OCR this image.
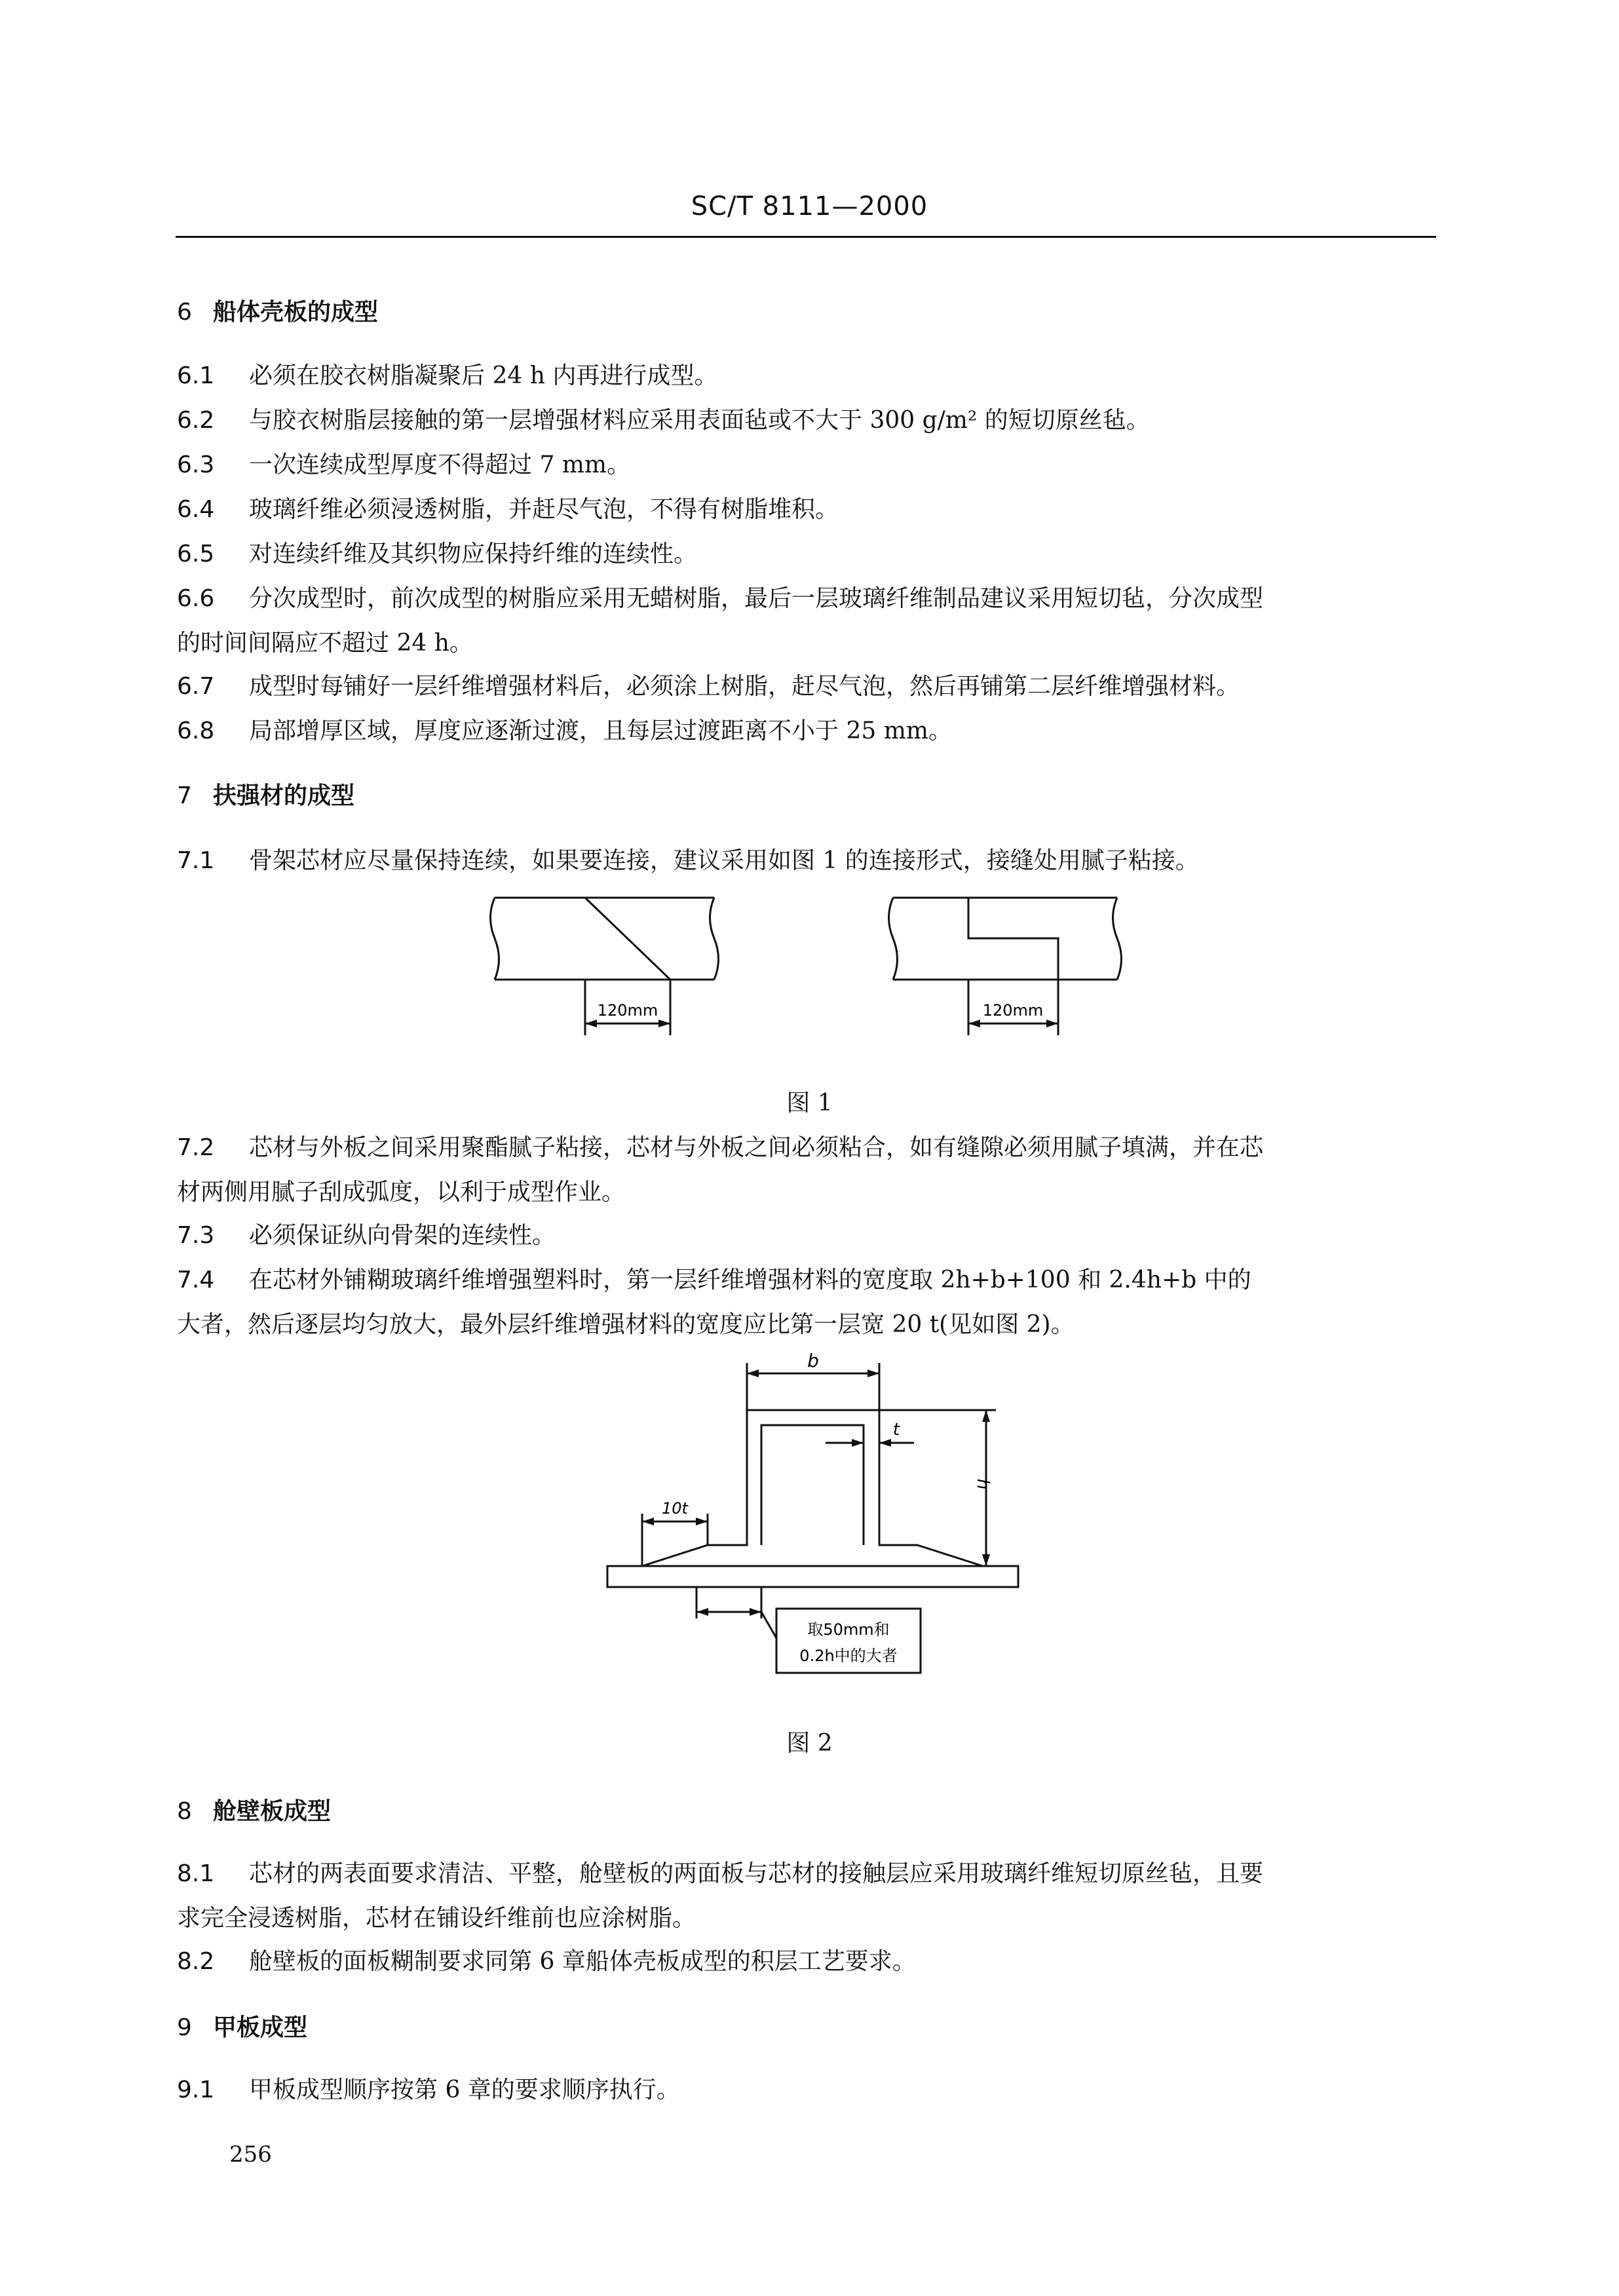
SC/T 8111—2000
6 船体壳板的成型
6.1 必须在胶衣树脂凝聚后 24 h 内再进行成型。
6.2 与胶衣树脂层接触的第一层增强材料应采用表面毡或不大于 300 g/m² 的短切原丝毡。
6.3 一次连续成型厚度不得超过 7 mm。
6.4 玻璃纤维必须浸透树脂，并赶尽气泡，不得有树脂堆积。
6.5 对连续纤维及其织物应保持纤维的连续性。
6.6 分次成型时，前次成型的树脂应采用无蜡树脂，最后一层玻璃纤维制品建议采用短切毡，分次成型
的时间间隔应不超过 24 h。
6.7 成型时每铺好一层纤维增强材料后，必须涂上树脂，赶尽气泡，然后再铺第二层纤维增强材料。
6.8 局部增厚区域，厚度应逐渐过渡，且每层过渡距离不小于 25 mm。
7 扶强材的成型
7.1 骨架芯材应尽量保持连续，如果要连接，建议采用如图 1 的连接形式，接缝处用腻子粘接。
120mm	120mm
图 1
7.2 芯材与外板之间采用聚酯腻子粘接，芯材与外板之间必须粘合，如有缝隙必须用腻子填满，并在芯
材两侧用腻子刮成弧度，以利于成型作业。
7.3 必须保证纵向骨架的连续性。
7.4 在芯材外铺糊玻璃纤维增强塑料时，第一层纤维增强材料的宽度取 2h+b+100 和 2.4h+b 中的
大者，然后逐层均匀放大，最外层纤维增强材料的宽度应比第一层宽 20 t(见如图 2)。
b
t
h
10t
取50mm和
0.2h中的大者
图 2
8 舱壁板成型
8.1 芯材的两表面要求清洁、平整，舱壁板的两面板与芯材的接触层应采用玻璃纤维短切原丝毡，且要
求完全浸透树脂，芯材在铺设纤维前也应涂树脂。
8.2 舱壁板的面板糊制要求同第 6 章船体壳板成型的积层工艺要求。
9 甲板成型
9.1 甲板成型顺序按第 6 章的要求顺序执行。
256
